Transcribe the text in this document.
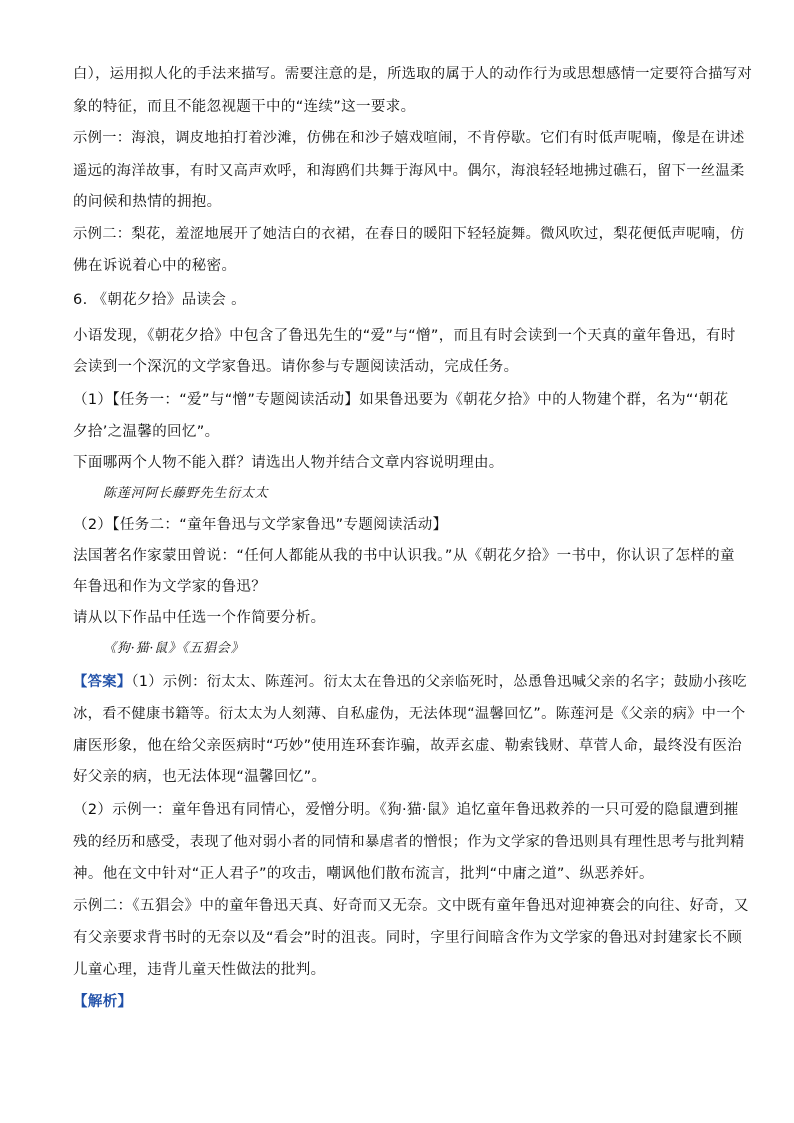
白），运用拟人化的手法来描写。需要注意的是，所选取的属于人的动作行为或思想感情一定要符合描写对
象的特征，而且不能忽视题干中的“连续”这一要求。
示例一：海浪，调皮地拍打着沙滩，仿佛在和沙子嬉戏喧闹，不肯停歇。它们有时低声呢喃，像是在讲述
遥远的海洋故事，有时又高声欢呼，和海鸥们共舞于海风中。偶尔，海浪轻轻地拂过礁石，留下一丝温柔
的问候和热情的拥抱。
示例二：梨花，羞涩地展开了她洁白的衣裙，在春日的暖阳下轻轻旋舞。微风吹过，梨花便低声呢喃，仿
佛在诉说着心中的秘密。
6. 《朝花夕拾》品读会 。
小语发现，《朝花夕拾》中包含了鲁迅先生的“爱”与“憎”，而且有时会读到一个天真的童年鲁迅，有时
会读到一个深沉的文学家鲁迅。请你参与专题阅读活动，完成任务。
（1）【任务一：“爱”与“憎”专题阅读活动】如果鲁迅要为《朝花夕拾》中的人物建个群，名为“‘朝花
夕拾’之温馨的回忆”。
下面哪两个人物不能入群？请选出人物并结合文章内容说明理由。
陈莲河阿长藤野先生衍太太
（2）【任务二：“童年鲁迅与文学家鲁迅”专题阅读活动】
法国著名作家蒙田曾说：“任何人都能从我的书中认识我。”从《朝花夕拾》一书中，你认识了怎样的童
年鲁迅和作为文学家的鲁迅？
请从以下作品中任选一个作简要分析。
《狗·猫·鼠》《五猖会》
【答案】（1）示例：衍太太、陈莲河。衍太太在鲁迅的父亲临死时，怂恿鲁迅喊父亲的名字；鼓励小孩吃
冰，看不健康书籍等。衍太太为人刻薄、自私虚伪，无法体现“温馨回忆”。陈莲河是《父亲的病》中一个
庸医形象，他在给父亲医病时“巧妙”使用连环套诈骗，故弄玄虚、勒索钱财、草菅人命，最终没有医治
好父亲的病，也无法体现“温馨回忆”。
（2）示例一：童年鲁迅有同情心，爱憎分明。《狗·猫·鼠》追忆童年鲁迅救养的一只可爱的隐鼠遭到摧
残的经历和感受，表现了他对弱小者的同情和暴虐者的憎恨；作为文学家的鲁迅则具有理性思考与批判精
神。他在文中针对“正人君子”的攻击，嘲讽他们散布流言，批判“中庸之道”、纵恶养奸。
示例二：《五猖会》中的童年鲁迅天真、好奇而又无奈。文中既有童年鲁迅对迎神赛会的向往、好奇，又
有父亲要求背书时的无奈以及“看会”时的沮丧。同时，字里行间暗含作为文学家的鲁迅对封建家长不顾
儿童心理，违背儿童天性做法的批判。
【解析】
